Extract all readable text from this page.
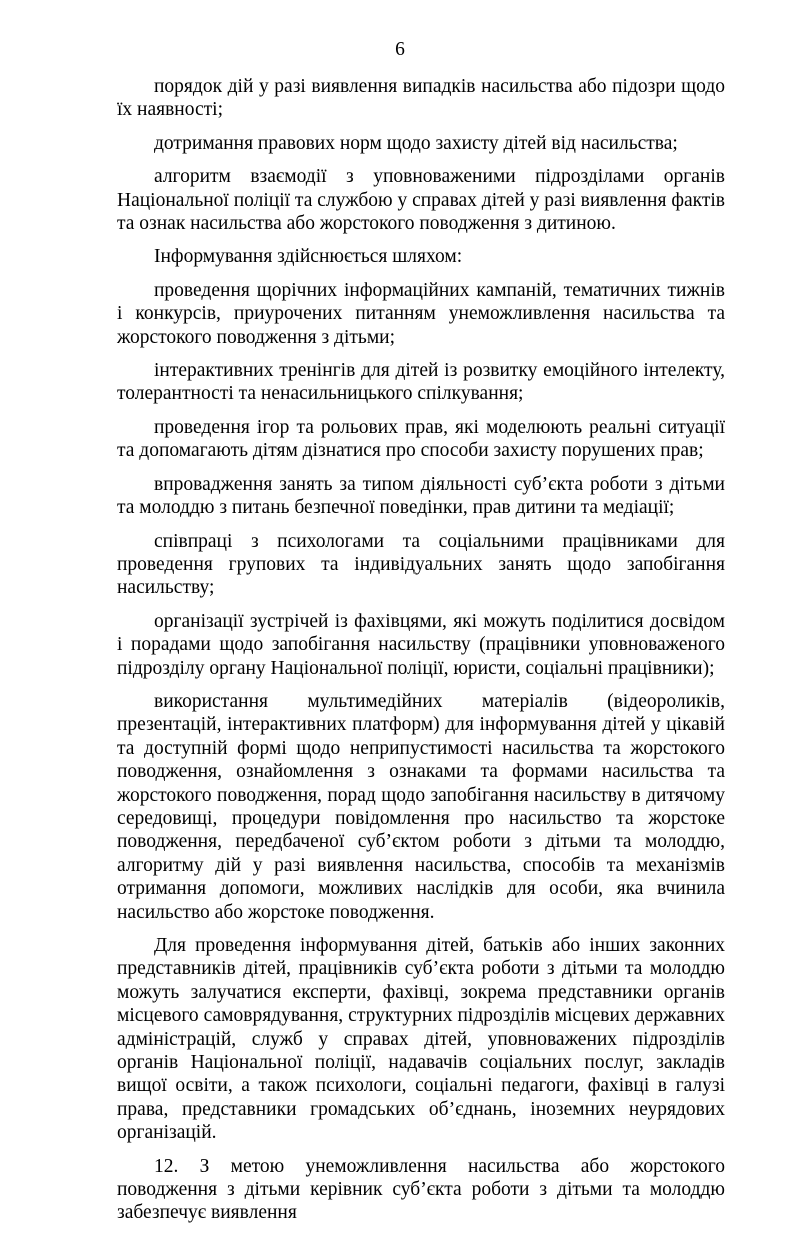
6

порядок дій у разі виявлення випадків насильства або підозри щодо їх наявності;

дотримання правових норм щодо захисту дітей від насильства;

алгоритм взаємодії з уповноваженими підрозділами органів Національної поліції та службою у справах дітей у разі виявлення фактів та ознак насильства або жорстокого поводження з дитиною.

Інформування здійснюється шляхом:

проведення щорічних інформаційних кампаній, тематичних тижнів і конкурсів, приурочених питанням унеможливлення насильства та жорстокого поводження з дітьми;

інтерактивних тренінгів для дітей із розвитку емоційного інтелекту, толерантності та ненасильницького спілкування;

проведення ігор та рольових прав, які моделюють реальні ситуації та допомагають дітям дізнатися про способи захисту порушених прав;

впровадження занять за типом діяльності суб’єкта роботи з дітьми та молоддю з питань безпечної поведінки, прав дитини та медіації;

співпраці з психологами та соціальними працівниками для проведення групових та індивідуальних занять щодо запобігання насильству;

організації зустрічей із фахівцями, які можуть поділитися досвідом і порадами щодо запобігання насильству (працівники уповноваженого підрозділу органу Національної поліції, юристи, соціальні працівники);

використання мультимедійних матеріалів (відеороликів, презентацій, інтерактивних платформ) для інформування дітей у цікавій та доступній формі щодо неприпустимості насильства та жорстокого поводження, ознайомлення з ознаками та формами насильства та жорстокого поводження, порад щодо запобігання насильству в дитячому середовищі, процедури повідомлення про насильство та жорстоке поводження, передбаченої суб’єктом роботи з дітьми та молоддю, алгоритму дій у разі виявлення насильства, способів та механізмів отримання допомоги, можливих наслідків для особи, яка вчинила насильство або жорстоке поводження.

Для проведення інформування дітей, батьків або інших законних представників дітей, працівників суб’єкта роботи з дітьми та молоддю можуть залучатися експерти, фахівці, зокрема представники органів місцевого самоврядування, структурних підрозділів місцевих державних адміністрацій, служб у справах дітей, уповноважених підрозділів органів Національної поліції, надавачів соціальних послуг, закладів вищої освіти, а також психологи, соціальні педагоги, фахівці в галузі права, представники громадських об’єднань, іноземних неурядових організацій.

12. З метою унеможливлення насильства або жорстокого поводження з дітьми керівник суб’єкта роботи з дітьми та молоддю забезпечує виявлення
